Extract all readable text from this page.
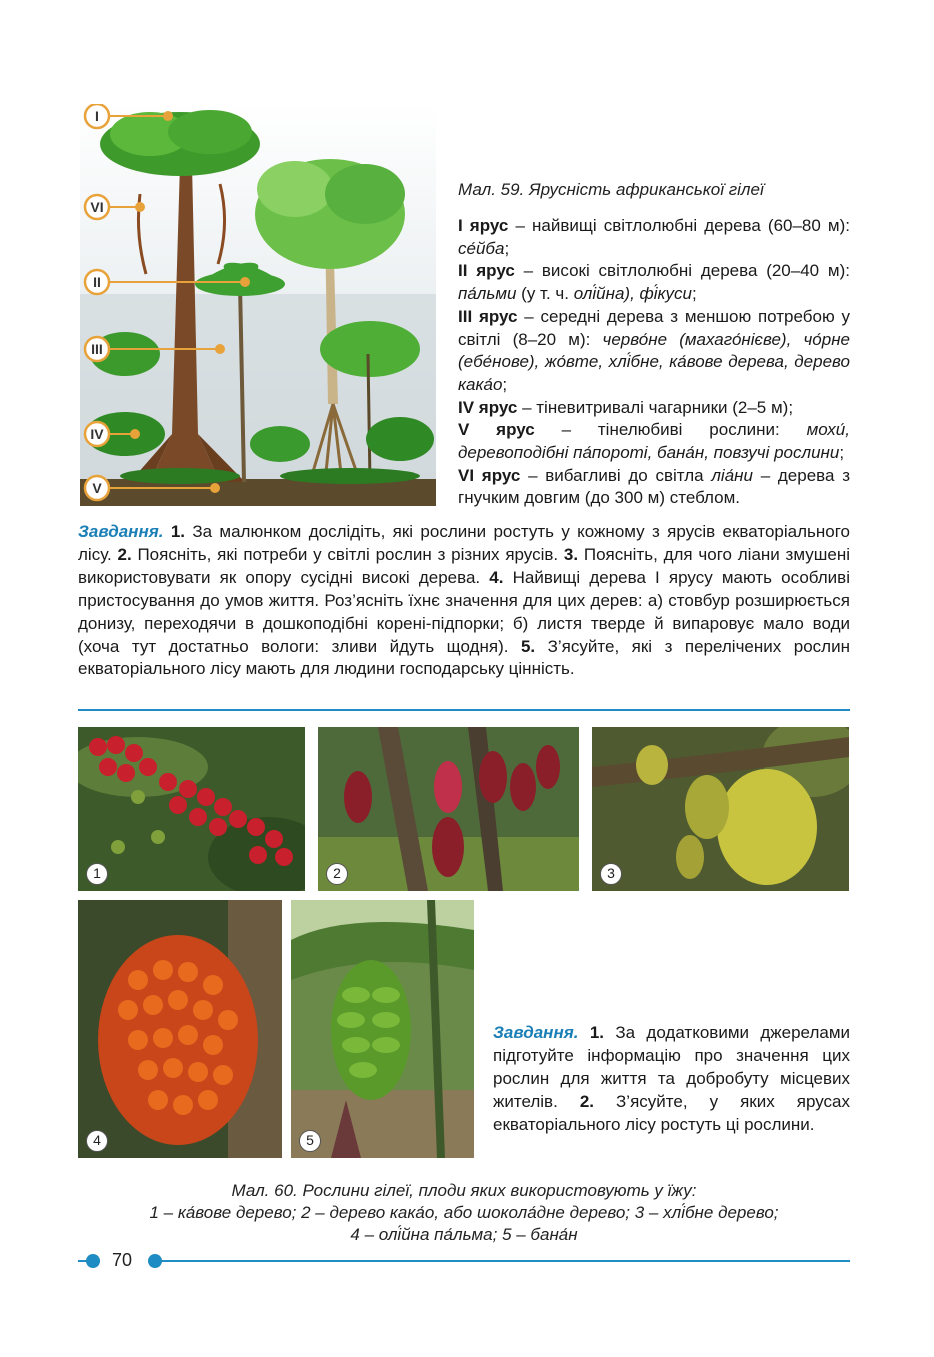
I
VI
II
III
IV
V
Мал. 59. Ярусність африканської гілеї

I ярус – найвищі світлолюбні дерева (60–80 м): се́йба;

II ярус – високі світлолюбні дерева (20–40 м): па́льми (у т. ч. олі́йна), фі́куси;

III ярус – середні дерева з меншою потребою у світлі (8–20 м): черво́не (махаго́нієве), чо́рне (ебе́нове), жо́вте, хлі́бне, ка́вове дерева, дерево кака́о;

IV ярус – тіневитривалі чагарники (2–5 м);

V ярус – тінелюбиві рослини: мохи́, деревоподібні па́пороті, бана́н, повзучі рослини;

VI ярус – вибагливі до світла ліа́ни – дерева з гнучким довгим (до 300 м) стеблом.

Завдання. 1. За малюнком дослідіть, які рослини ростуть у кожному з ярусів екваторіального лісу. 2. Поясніть, які потреби у світлі рослин з різних ярусів. 3. Поясніть, для чого ліани змушені використовувати як опору сусідні високі дерева. 4. Найвищі дерева I ярусу мають особливі пристосування до умов життя. Роз’ясніть їхнє значення для цих дерев: а) стовбур розширюється донизу, переходячи в дошкоподібні корені-підпорки; б) листя тверде й випаровує мало води (хоча тут достатньо вологи: зливи йдуть щодня). 5. З’ясуйте, які з перелічених рослин екваторіального лісу мають для людини господарську цінність.
1	2	3
4	5
Завдання. 1. За додатковими джерелами підготуйте інформацію про значення цих рослин для життя та добробуту місцевих жителів. 2. З’ясуйте, у яких ярусах екваторіального лісу ростуть ці рослини.
Мал. 60. Рослини гілеї, плоди яких використовують у їжу:
1 – ка́вове дерево; 2 – дерево кака́о, або шокола́дне дерево; 3 – хлі́бне дерево;
4 – олі́йна па́льма; 5 – бана́н
70
